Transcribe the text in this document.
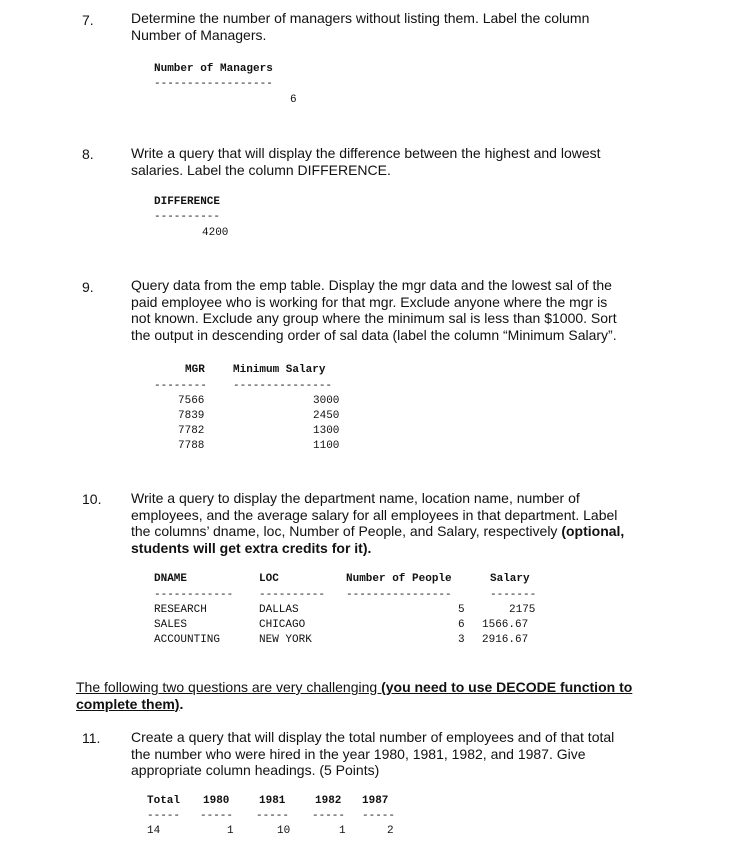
7.	Determine the number of managers without listing them. Label the column
Number of Managers.
Number of Managers
------------------
6
8.	Write a query that will display the difference between the highest and lowest
salaries. Label the column DIFFERENCE.
DIFFERENCE
----------
4200
9.	Query data from the emp table. Display the mgr data and the lowest sal of the
paid employee who is working for that mgr. Exclude anyone where the mgr is
not known. Exclude any group where the minimum sal is less than $1000. Sort
the output in descending order of sal data (label the column “Minimum Salary”.
MGR	Minimum Salary
-------- ---------------
7566	3000
7839	2450
7782	1300
7788	1100
10. Write a query to display the department name, location name, number of
employees, and the average salary for all employees in that department. Label
the columns’ dname, loc, Number of People, and Salary, respectively (optional,
students will get extra credits for it).
DNAME	LOC	Number of People	Salary
------------ ---------- ----------------	-------
RESEARCH	DALLAS	5	2175
SALES	CHICAGO	6 1566.67
ACCOUNTING	NEW YORK	3 2916.67
The following two questions are very challenging (you need to use DECODE function to
complete them).
11. Create a query that will display the total number of employees and of that total
the number who were hired in the year 1980, 1981, 1982, and 1987. Give
appropriate column headings. (5 Points)
Total 1980	1981	1982 1987
----- ----- ----- ----- -----
14	1	10	1	2
